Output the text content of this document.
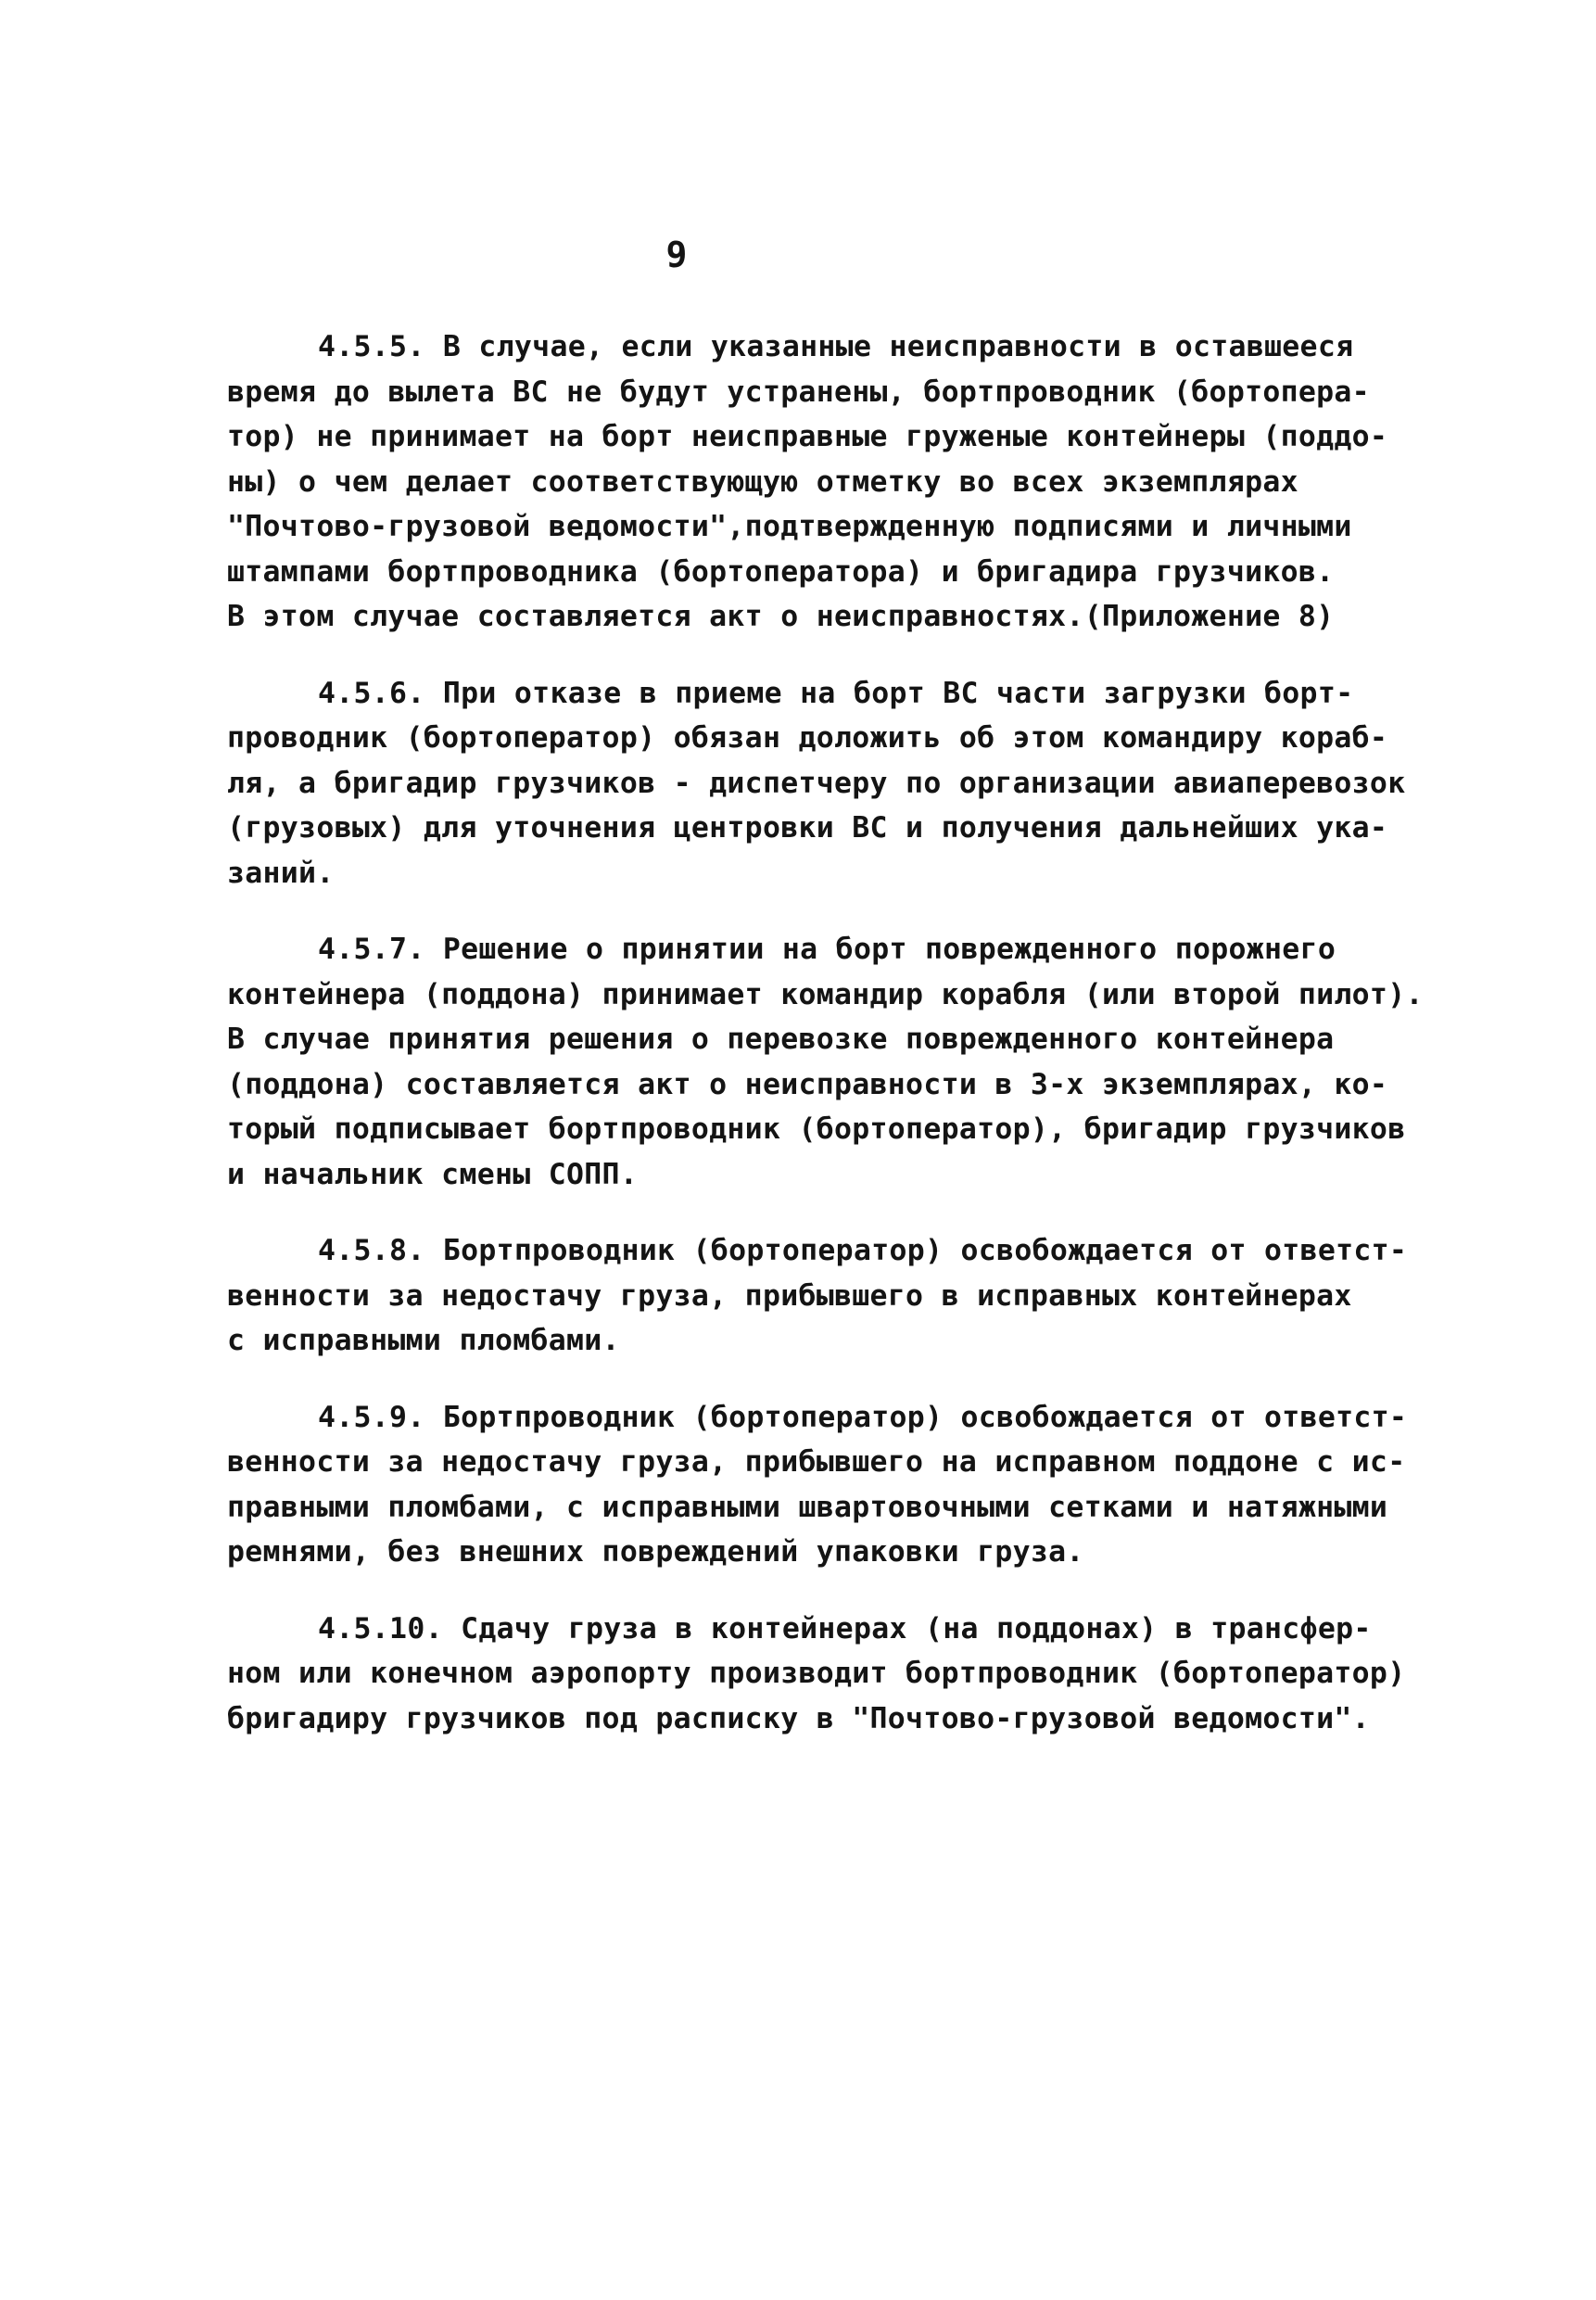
9
4.5.5. В случае, если указанные неисправности в оставшееся
время до вылета ВС не будут устранены, бортпроводник (бортопера-
тор) не принимает на борт неисправные груженые контейнеры (поддо-
ны) о чем делает соответствующую отметку во всех экземплярах
"Почтово-грузовой ведомости",подтвержденную подписями и личными
штампами бортпроводника (бортоператора) и бригадира грузчиков.
В этом случае составляется акт о неисправностях.(Приложение 8)
4.5.6. При отказе в приеме на борт ВС части загрузки борт-
проводник (бортоператор) обязан доложить об этом командиру кораб-
ля, а бригадир грузчиков - диспетчеру по организации авиаперевозок
(грузовых) для уточнения центровки ВС и получения дальнейших ука-
заний.
4.5.7. Решение о принятии на борт поврежденного порожнего
контейнера (поддона) принимает командир корабля (или второй пилот).
В случае принятия решения о перевозке поврежденного контейнера
(поддона) составляется акт о неисправности в 3-х экземплярах, ко-
торый подписывает бортпроводник (бортоператор), бригадир грузчиков
и начальник смены СОПП.
4.5.8. Бортпроводник (бортоператор) освобождается от ответст-
венности за недостачу груза, прибывшего в исправных контейнерах
с исправными пломбами.
4.5.9. Бортпроводник (бортоператор) освобождается от ответст-
венности за недостачу груза, прибывшего на исправном поддоне с ис-
правными пломбами, с исправными швартовочными сетками и натяжными
ремнями, без внешних повреждений упаковки груза.
4.5.10. Сдачу груза в контейнерах (на поддонах) в трансфер-
ном или конечном аэропорту производит бортпроводник (бортоператор)
бригадиру грузчиков под расписку в "Почтово-грузовой ведомости".
